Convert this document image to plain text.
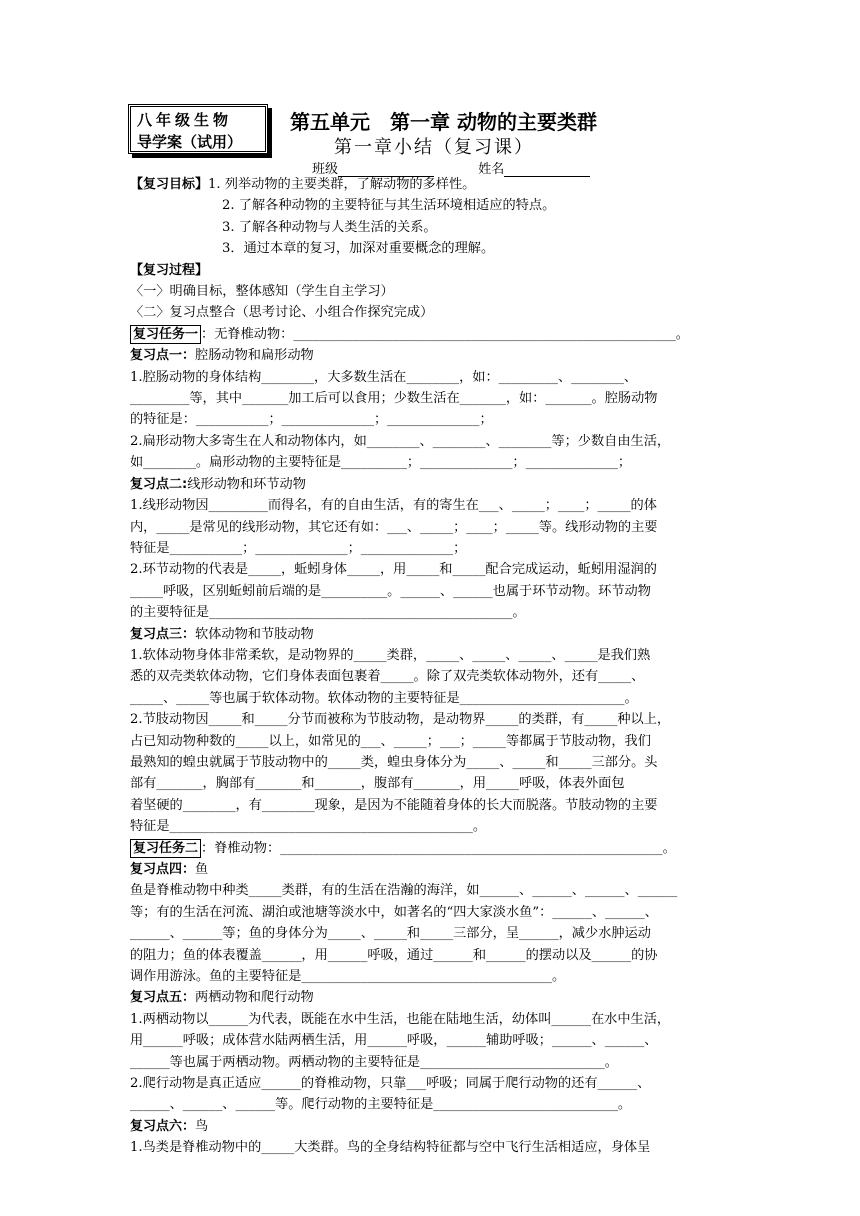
八年级生物
导学案（试用）
第五单元　第一章 动物的主要类群
第一章小结（复习课）
班级	姓名
【复习目标】1. 列举动物的主要类群，了解动物的多样性。
2. 了解各种动物的主要特征与其生活环境相适应的特点。
3. 了解各种动物与人类生活的关系。
3．通过本章的复习，加深对重要概念的理解。
【复习过程】
〈一〉明确目标，整体感知（学生自主学习）
〈二〉复习点整合（思考讨论、小组合作探究完成）
复习任务一 ：无脊椎动物：__________________________________________________________。
复习点一：腔肠动物和扁形动物
1.腔肠动物的身体结构________，大多数生活在________，如：_________、________、
_________等，其中_______加工后可以食用；少数生活在_______，如：_______。腔肠动物
的特征是：___________；______________；______________；
2.扁形动物大多寄生在人和动物体内，如________、________、________等；少数自由生活，
如________。扁形动物的主要特征是__________；______________；______________；
复习点二:线形动物和环节动物
1.线形动物因_________而得名，有的自由生活，有的寄生在___、_____；____；_____的体
内，_____是常见的线形动物，其它还有如：___、_____；____；_____等。线形动物的主要
特征是___________；______________；______________；
2.环节动物的代表是_____，蚯蚓身体_____，用_____和_____配合完成运动，蚯蚓用湿润的
_____呼吸，区别蚯蚓前后端的是__________。______、______也属于环节动物。环节动物
的主要特征是______________________________________________。
复习点三：软体动物和节肢动物
1.软体动物身体非常柔软，是动物界的_____类群，_____、_____、_____、_____是我们熟
悉的双壳类软体动物，它们身体表面包裹着_____。除了双壳类软体动物外，还有_____、
_____、_____等也属于软体动物。软体动物的主要特征是_________________________。
2.节肢动物因_____和_____分节而被称为节肢动物，是动物界_____的类群，有_____种以上，
占已知动物种数的_____以上，如常见的___、_____；___；_____等都属于节肢动物，我们
最熟知的蝗虫就属于节肢动物中的_____类，蝗虫身体分为_____、_____和_____三部分。头
部有_______，胸部有_______和_______，腹部有_______，用_____呼吸，体表外面包
着坚硬的________，有________现象，是因为不能随着身体的长大而脱落。节肢动物的主要
特征是______________________________________________。
复习任务二 ：脊椎动物：__________________________________________________________。
复习点四：鱼
鱼是脊椎动物中种类_____类群，有的生活在浩瀚的海洋，如______、______、______、______
等；有的生活在河流、湖泊或池塘等淡水中，如著名的“四大家淡水鱼”：______、______、
______、______等；鱼的身体分为_____、_____和_____三部分，呈______，减少水肿运动
的阻力；鱼的体表覆盖______，用______呼吸，通过______和______的摆动以及______的协
调作用游泳。鱼的主要特征是______________________________________。
复习点五：两栖动物和爬行动物
1.两栖动物以______为代表，既能在水中生活，也能在陆地生活，幼体叫______在水中生活，
用______呼吸；成体营水陆两栖生活，用______呼吸，______辅助呼吸；______、______、
______等也属于两栖动物。两栖动物的主要特征是____________________________。
2.爬行动物是真正适应______的脊椎动物，只靠___呼吸；同属于爬行动物的还有______、
______、______、______等。爬行动物的主要特征是____________________________。
复习点六：鸟
1.鸟类是脊椎动物中的_____大类群。鸟的全身结构特征都与空中飞行生活相适应，身体呈
